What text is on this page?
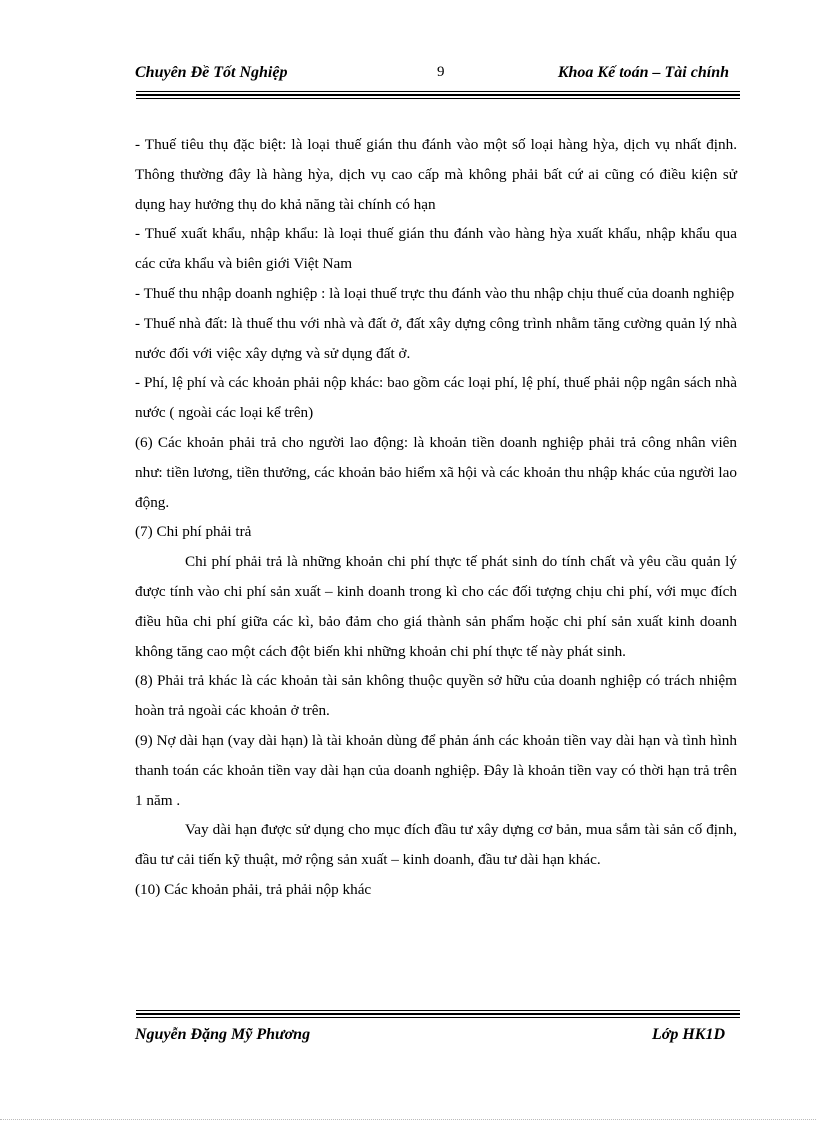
Chuyên Đề Tốt Nghiệp	9	Khoa Kế toán – Tài chính

- Thuế tiêu thụ đặc biệt: là loại thuế gián thu đánh vào một số loại hàng hỳa, dịch vụ nhất định. Thông thường đây là hàng hỳa, dịch vụ cao cấp mà không phải bất cứ ai cũng có điều kiện sử dụng hay hưởng thụ do khả năng tài chính có hạn

- Thuế xuất khẩu, nhập khẩu: là loại thuế gián thu đánh vào hàng hỳa xuất khẩu, nhập khẩu qua các cửa khẩu và biên giới Việt Nam

- Thuế thu nhập doanh nghiệp : là loại thuế trực thu đánh vào thu nhập chịu thuế của doanh nghiệp

- Thuế nhà đất: là thuế thu với nhà và đất ở, đất xây dựng công trình nhằm tăng cường quản lý nhà nước đối với việc xây dựng và sử dụng đất ở.

- Phí, lệ phí và các khoản phải nộp khác: bao gồm các loại phí, lệ phí, thuế phải nộp ngân sách nhà nước ( ngoài các loại kể trên)

(6) Các khoản phải trả cho người lao động: là khoản tiền doanh nghiệp phải trả công nhân viên như: tiền lương, tiền thưởng, các khoản bảo hiểm xã hội và các khoản thu nhập khác của người lao động.

(7) Chi phí phải trả

Chi phí phải trả là những khoản chi phí thực tế phát sinh do tính chất và yêu cầu quản lý được tính vào chi phí sản xuất – kinh doanh trong kì cho các đối tượng chịu chi phí, với mục đích điều hũa chi phí giữa các kì, bảo đảm cho giá thành sản phẩm hoặc chi phí sản xuất kinh doanh không tăng cao một cách đột biến khi những khoản chi phí thực tế này phát sinh.

(8) Phải trả khác là các khoản tài sản không thuộc quyền sở hữu của doanh nghiệp có trách nhiệm hoàn trả ngoài các khoản ở trên.

(9) Nợ dài hạn (vay dài hạn) là tài khoản dùng để phản ánh các khoản tiền vay dài hạn và tình hình thanh toán các khoản tiền vay dài hạn của doanh nghiệp. Đây là khoản tiền vay có thời hạn trả trên 1 năm .

Vay dài hạn được sử dụng cho mục đích đầu tư xây dựng cơ bản, mua sắm tài sản cố định, đầu tư cải tiến kỹ thuật, mở rộng sản xuất – kinh doanh, đầu tư dài hạn khác.

(10) Các khoản phải, trả phải nộp khác

Nguyễn Đặng Mỹ Phương	Lớp HK1D
